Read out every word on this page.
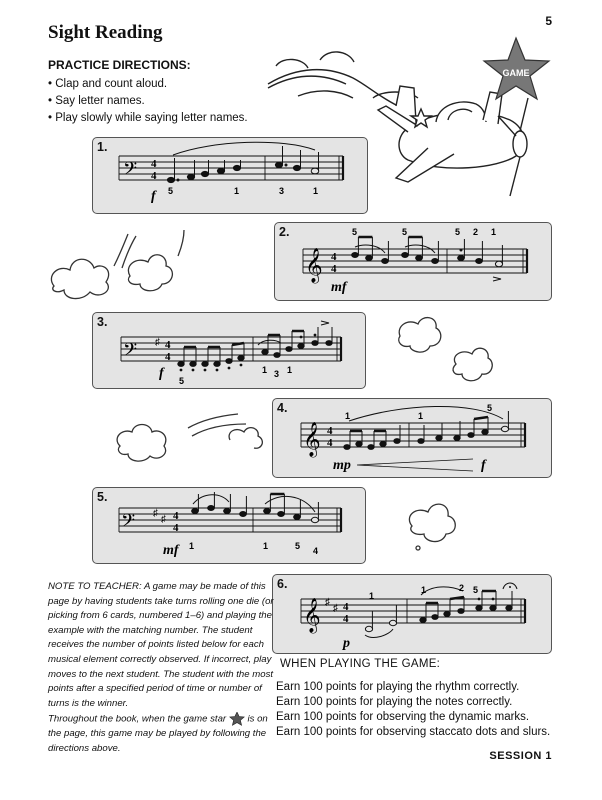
5
Sight Reading
PRACTICE DIRECTIONS:
• Clap and count aloud.
• Say letter names.
• Play slowly while saying letter names.
GAME
1.
𝄢 4
4
f 5	1	3	1
2.
𝄞 4
4
mf
5	5	5 2 1
3.
𝄢 ♯ 4
4
f 5
1 3 1
4.
𝄞 4
4
mp	f
1	1
5
5.
𝄢 ♯
♯ 4
4
mf 1	1	5 4
6.
𝄞 ♯
♯ 4
4
p
1
1	2 5
NOTE TO TEACHER: A game may be made of this page by having students take turns rolling one die (or picking from 6 cards, numbered 1–6) and playing the example with the matching number. The student receives the number of points listed below for each musical element correctly observed. If incorrect, play moves to the next student. The student with the most points after a specified period of time or number of turns is the winner.
Throughout the book, when the game star is on the page, this game may be played by following the directions above.
WHEN PLAYING THE GAME:
Earn 100 points for playing the rhythm correctly.
Earn 100 points for playing the notes correctly.
Earn 100 points for observing the dynamic marks.
Earn 100 points for observing staccato dots and slurs.
SESSION 1
